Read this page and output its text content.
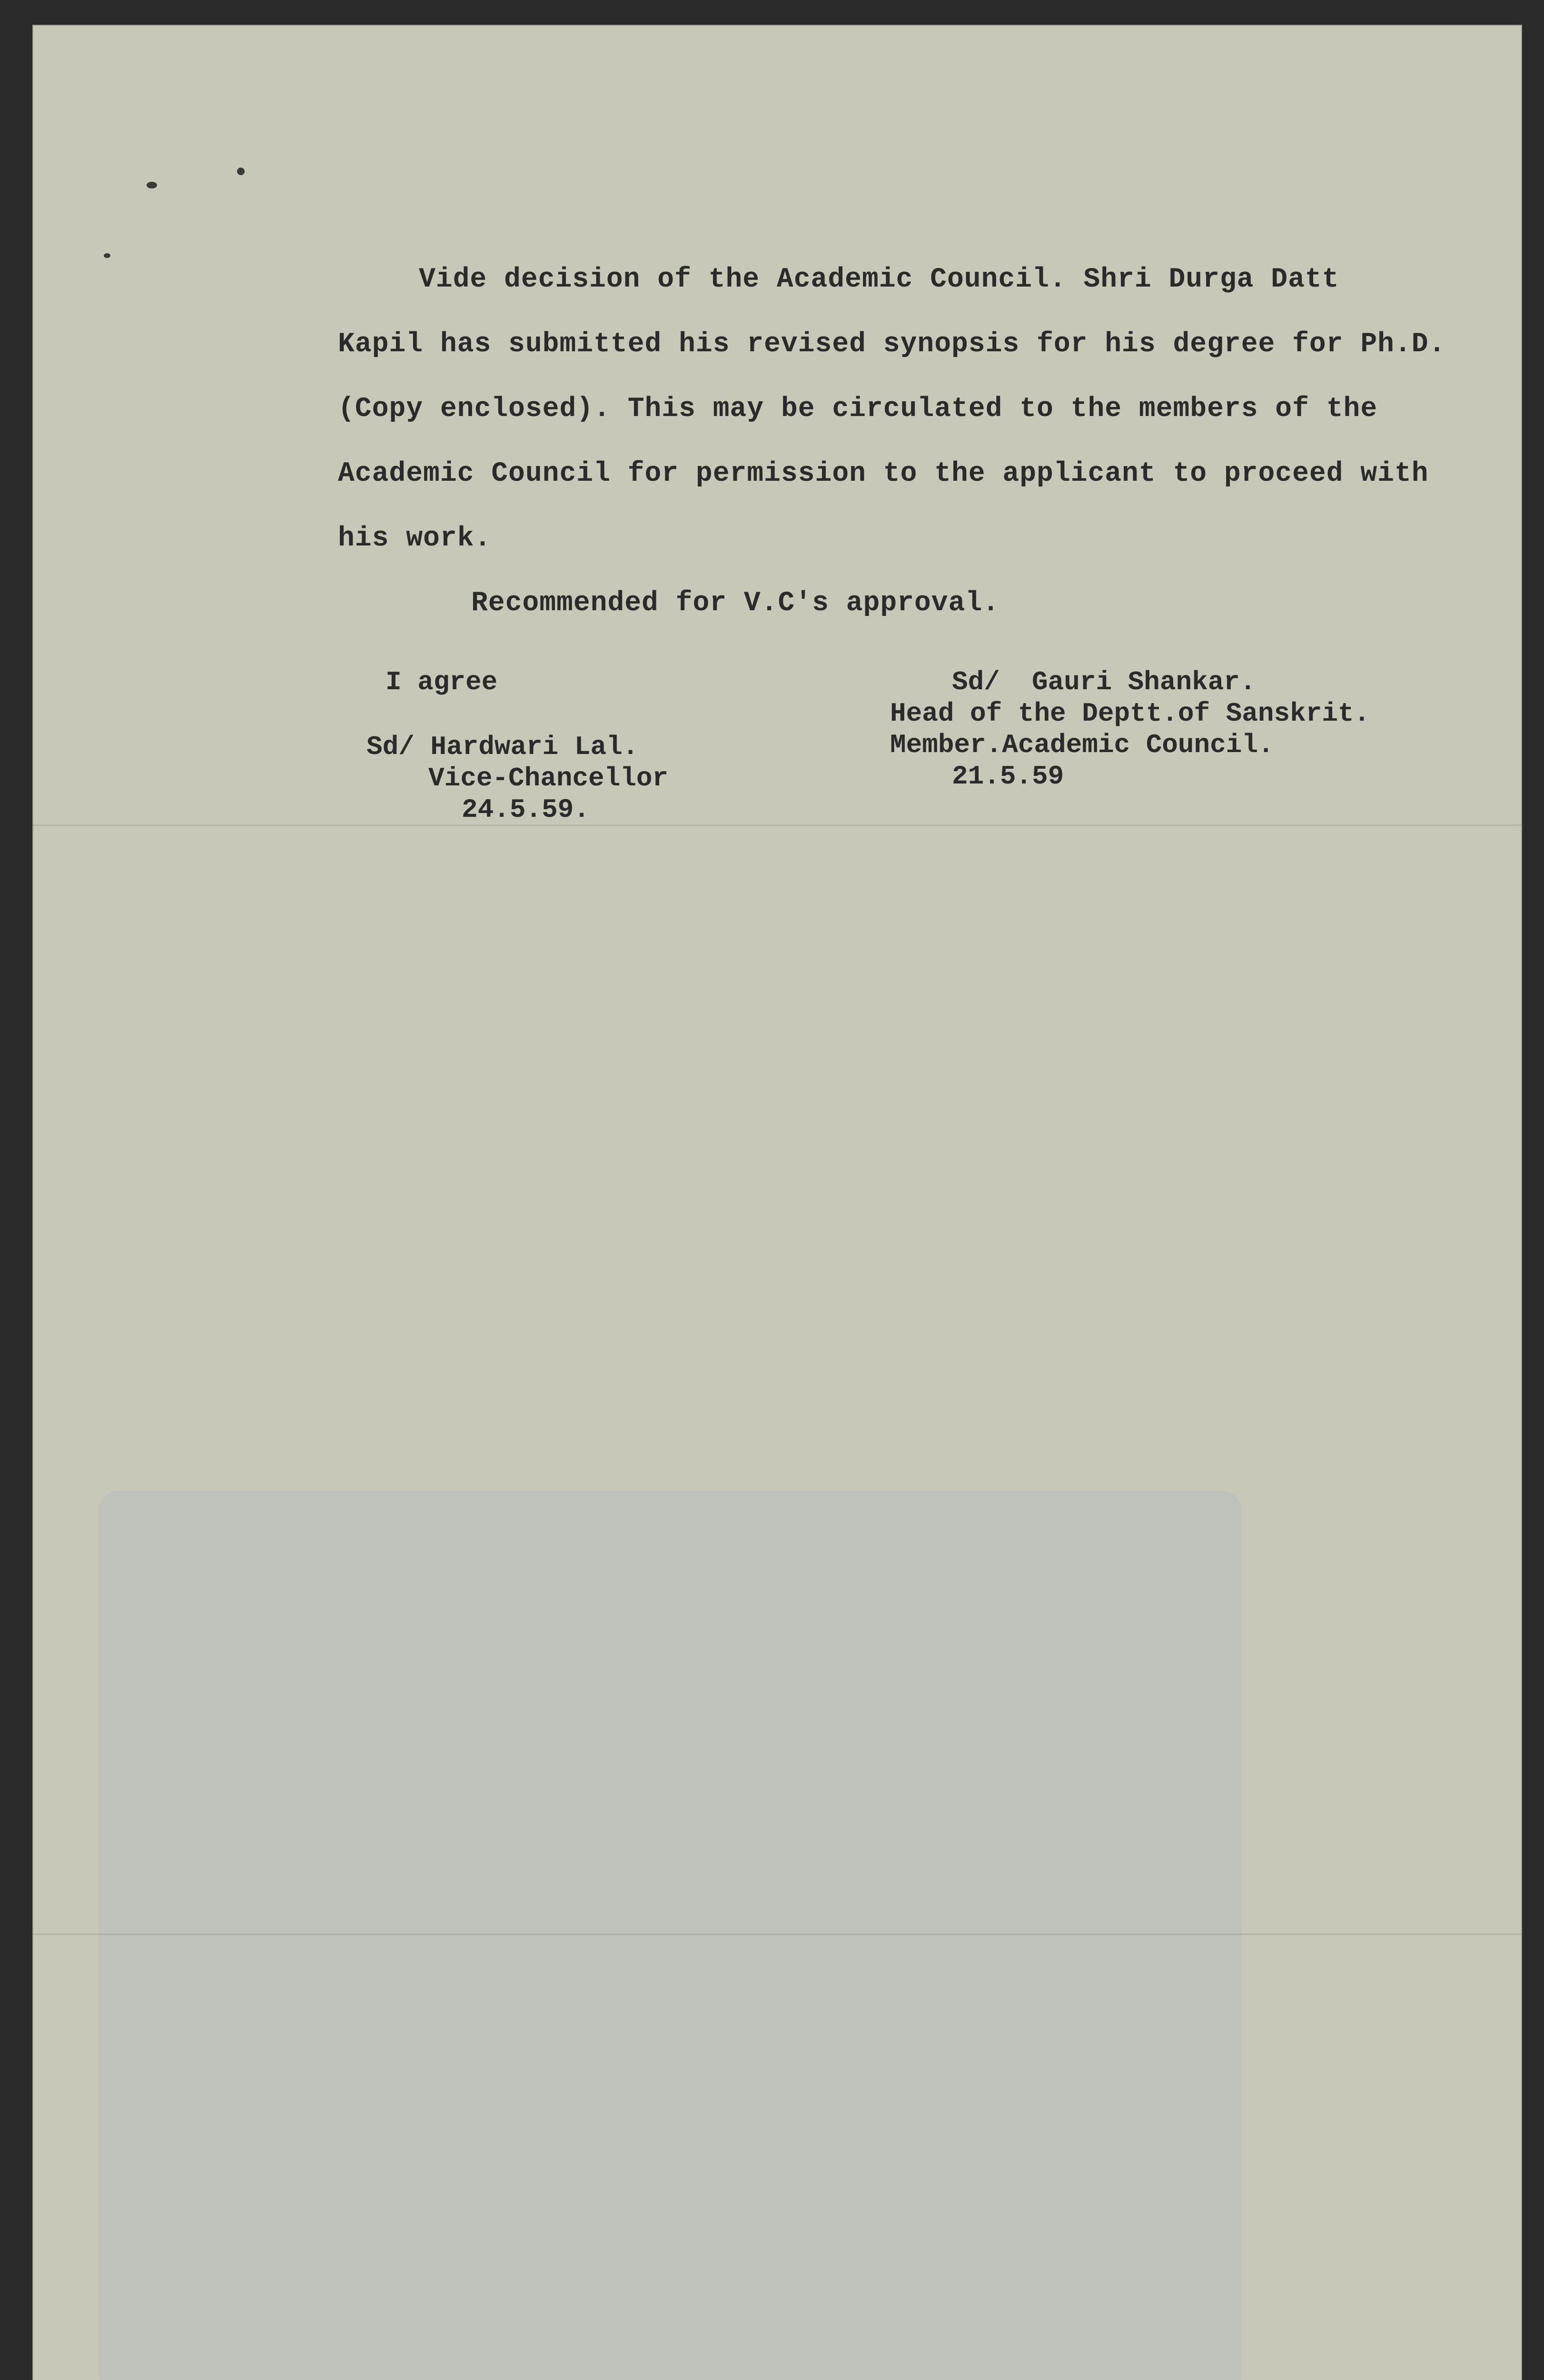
Vide decision of the Academic Council. Shri Durga Datt
Kapil has submitted his revised synopsis for his degree for Ph.D.
(Copy enclosed). This may be circulated to the members of the
Academic Council for permission to the applicant to proceed with
his work.
Recommended for V.C's approval.
I agree
Sd/ Hardwari Lal.
Vice-Chancellor
24.5.59.
Sd/  Gauri Shankar.
Head of the Deptt.of Sanskrit.
Member.Academic Council.
21.5.59
